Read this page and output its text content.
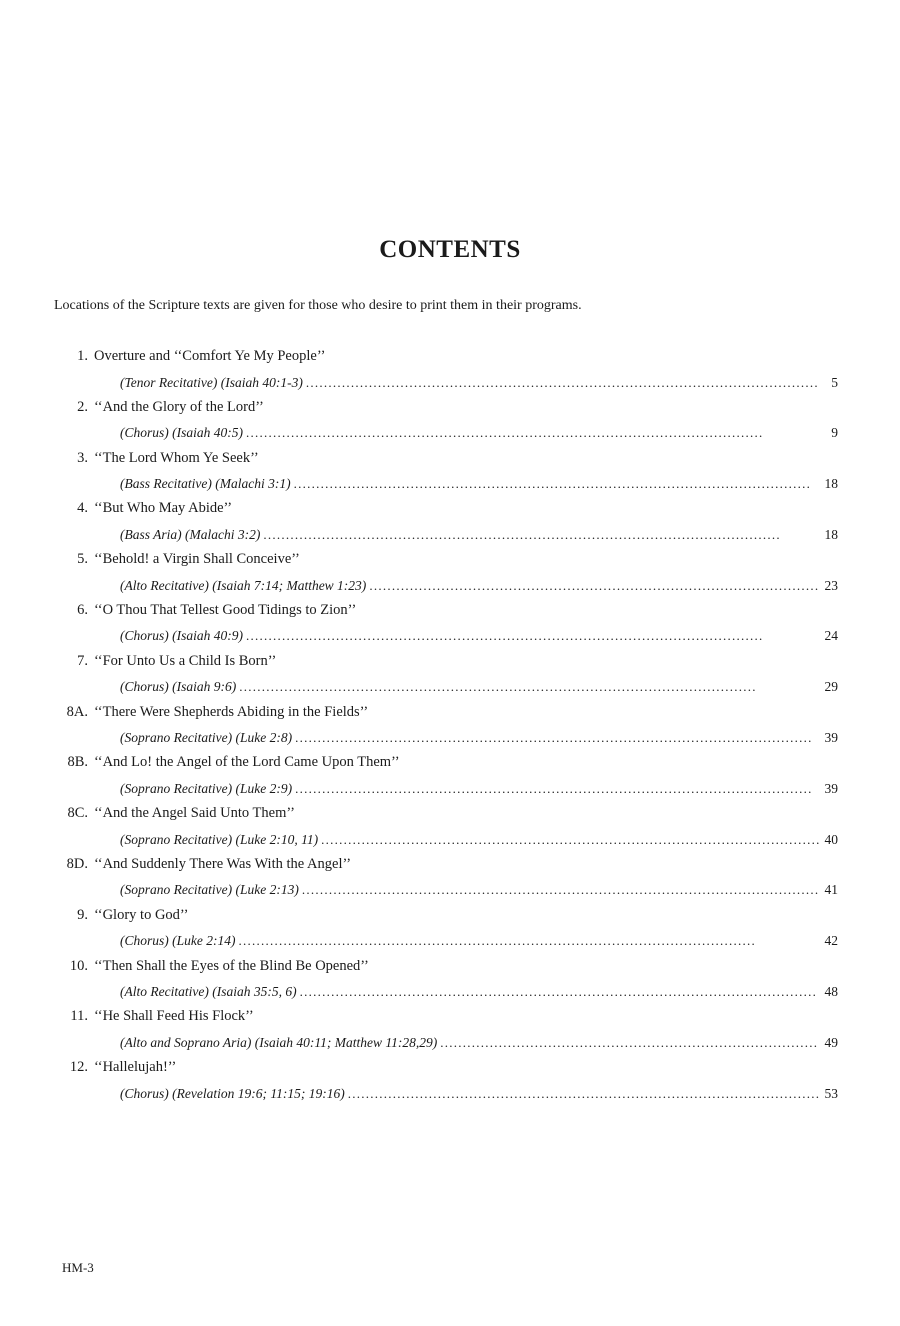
CONTENTS
Locations of the Scripture texts are given for those who desire to print them in their programs.
1. Overture and ‘‘Comfort Ye My People’’
(Tenor Recitative) (Isaiah 40:1-3) . . .	5
2. ‘‘And the Glory of the Lord’’
(Chorus) (Isaiah 40:5) . . .	9
3. ‘‘The Lord Whom Ye Seek’’
(Bass Recitative) (Malachi 3:1) . . .	18
4. ‘‘But Who May Abide’’
(Bass Aria) (Malachi 3:2) . . .	18
5. ‘‘Behold! a Virgin Shall Conceive’’
(Alto Recitative) (Isaiah 7:14; Matthew 1:23) . . .	23
6. ‘‘O Thou That Tellest Good Tidings to Zion’’
(Chorus) (Isaiah 40:9) . . .	24
7. ‘‘For Unto Us a Child Is Born’’
(Chorus) (Isaiah 9:6) . . .	29
8A. ‘‘There Were Shepherds Abiding in the Fields’’
(Soprano Recitative) (Luke 2:8) . . .	39
8B. ‘‘And Lo! the Angel of the Lord Came Upon Them’’
(Soprano Recitative) (Luke 2:9) . . .	39
8C. ‘‘And the Angel Said Unto Them’’
(Soprano Recitative) (Luke 2:10, 11) . . .	40
8D. ‘‘And Suddenly There Was With the Angel’’
(Soprano Recitative) (Luke 2:13) . . .	41
9. ‘‘Glory to God’’
(Chorus) (Luke 2:14) . . .	42
10. ‘‘Then Shall the Eyes of the Blind Be Opened’’
(Alto Recitative) (Isaiah 35:5, 6) . . .	48
11. ‘‘He Shall Feed His Flock’’
(Alto and Soprano Aria) (Isaiah 40:11; Matthew 11:28,29) . . .	49
12. ‘‘Hallelujah!’’
(Chorus) (Revelation 19:6; 11:15; 19:16) . . .	53
HM-3
